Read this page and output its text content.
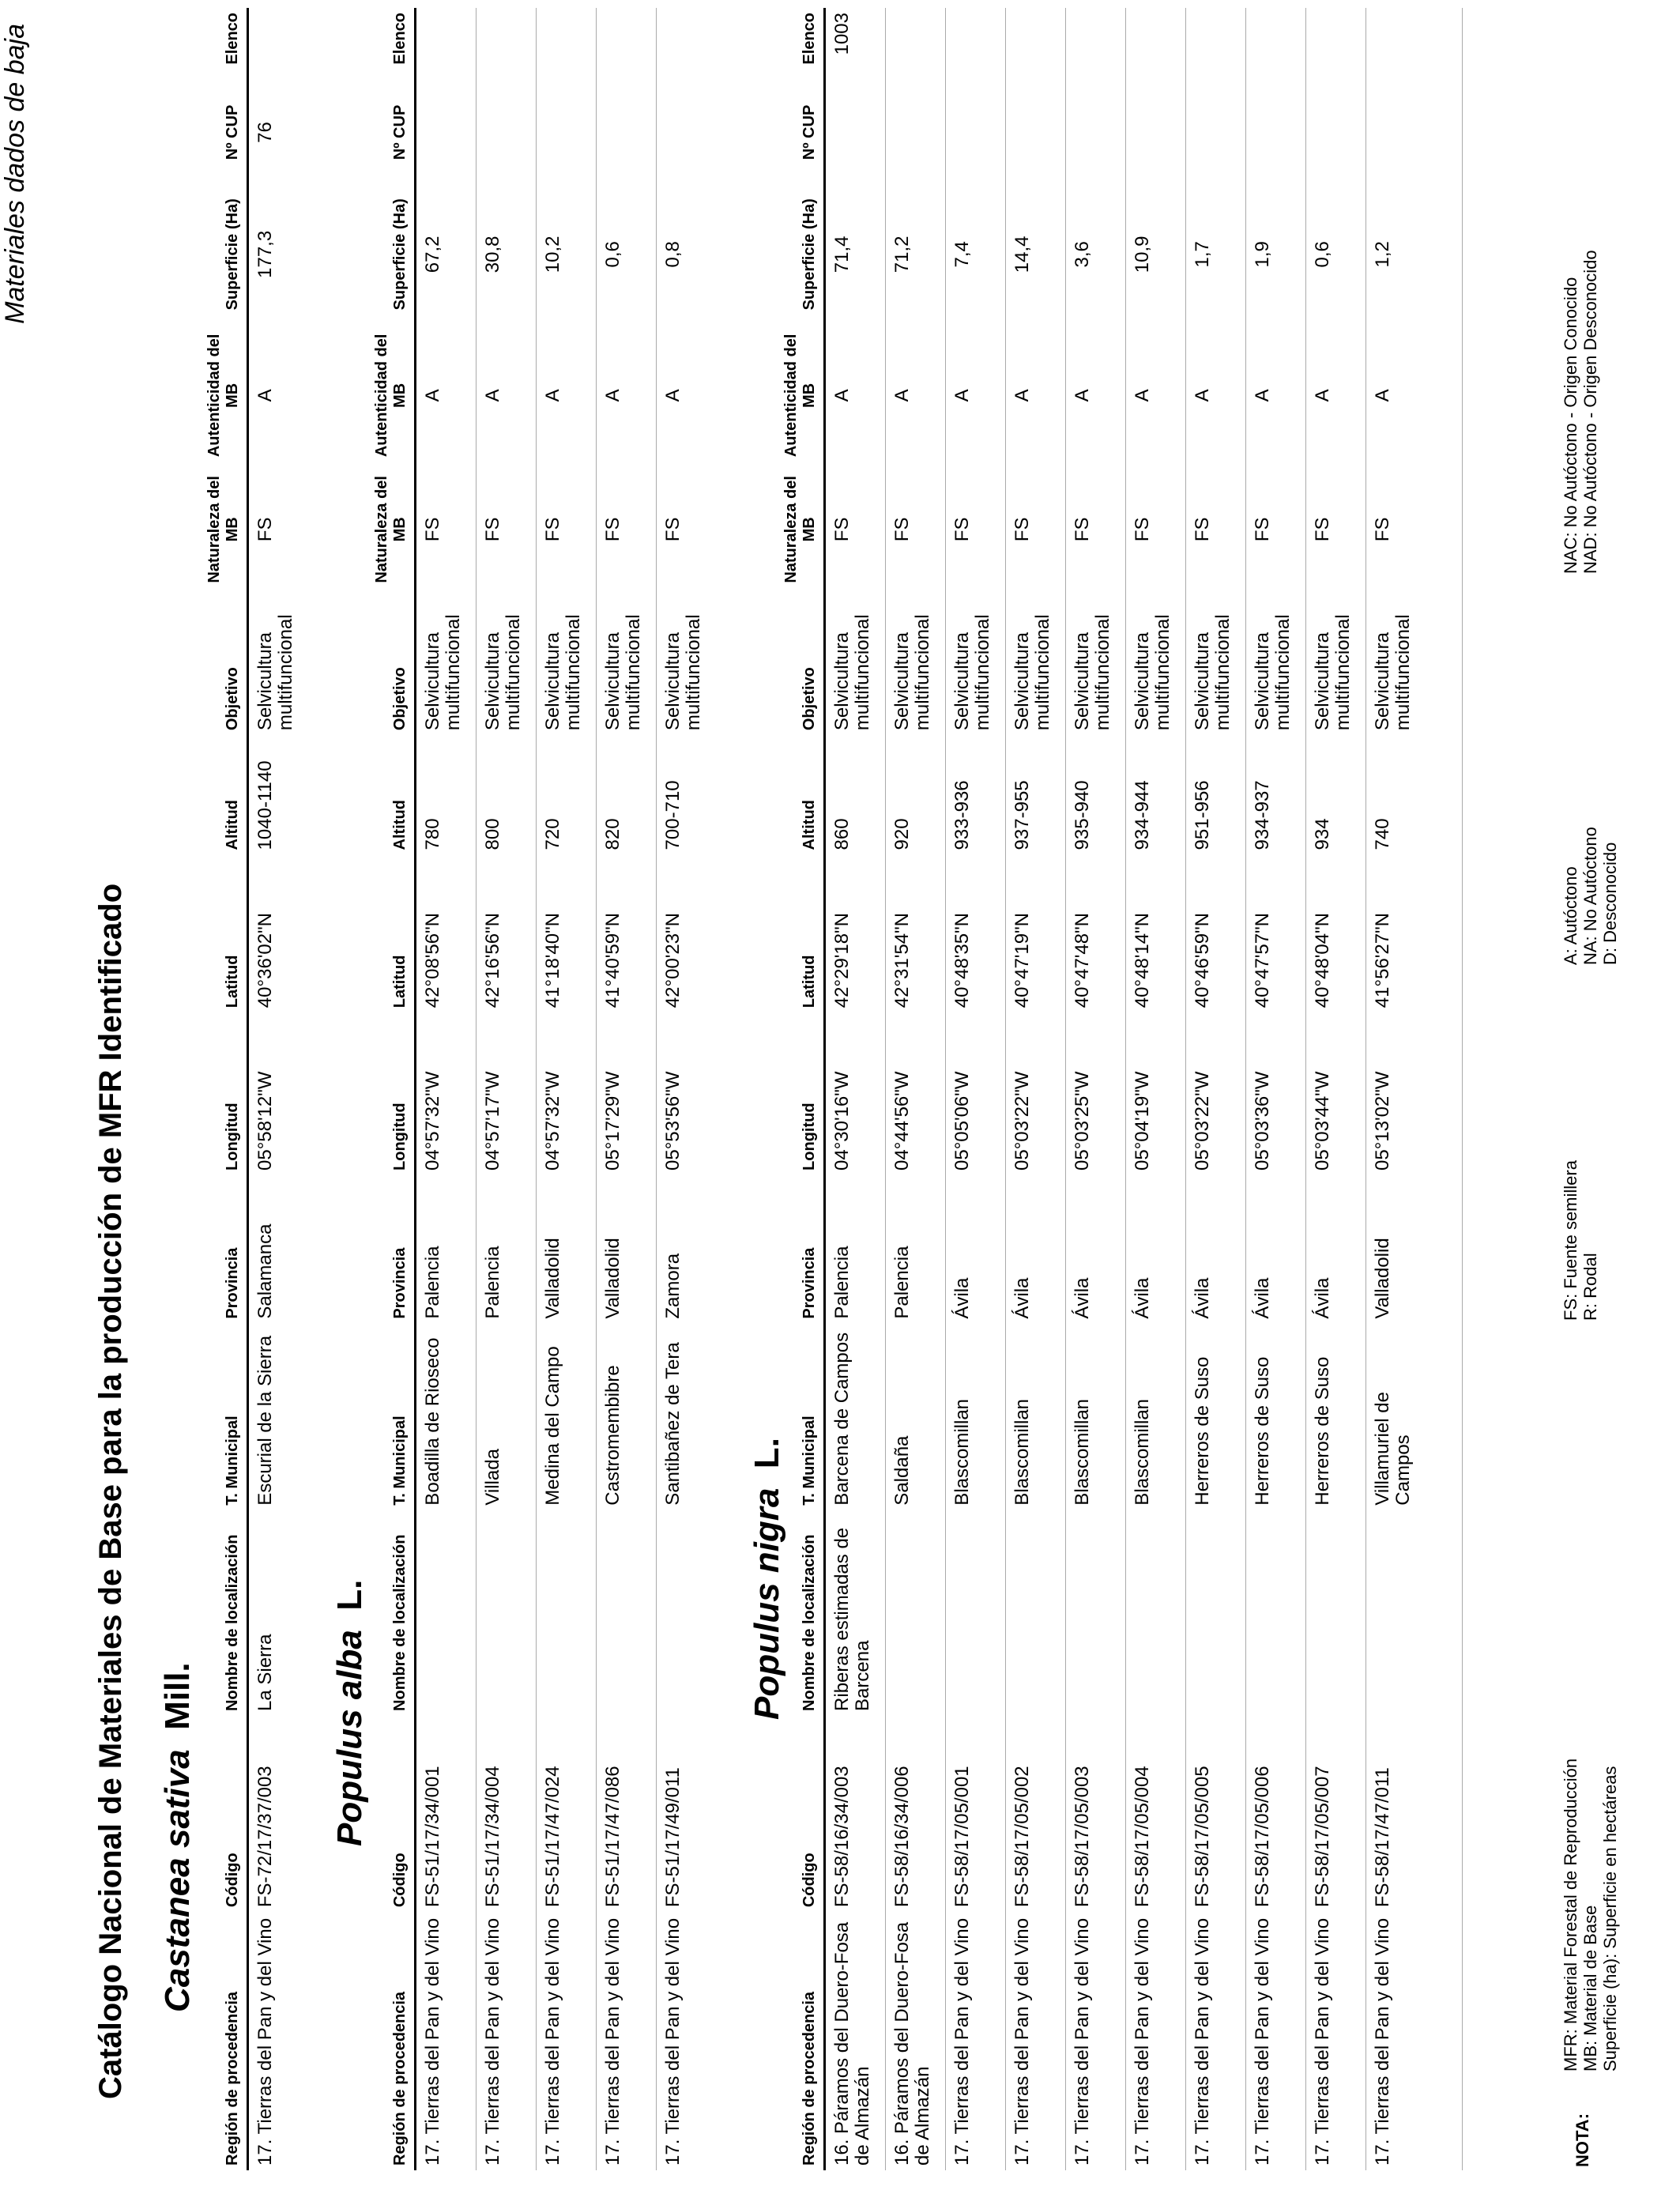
Catálogo Nacional de Materiales de Base para la producción de MFR Identificado
Materiales dados de baja
Castanea sativa  Mill.
Región de procedencia	Código	Nombre de localización	T. Municipal	Provincia	Longitud	Latitud	Altitud	Objetivo	Naturaleza del MB	Autenticidad del MB	Superficie (Ha)	Nº CUP	Elenco
17. Tierras del Pan y del Vino	FS-72/17/37/003	La Sierra	Escurial de la Sierra	Salamanca	05°58'12"W	40°36'02"N	1040-1140	Selvicultura multifuncional	FS	A	177,3	76	
Populus alba  L.
Región de procedencia	Código	Nombre de localización	T. Municipal	Provincia	Longitud	Latitud	Altitud	Objetivo	Naturaleza del MB	Autenticidad del MB	Superficie (Ha)	Nº CUP	Elenco
17. Tierras del Pan y del Vino	FS-51/17/34/001		Boadilla de Rioseco	Palencia	04°57'32"W	42°08'56"N	780	Selvicultura multifuncional	FS	A	67,2		
17. Tierras del Pan y del Vino	FS-51/17/34/004		Villada	Palencia	04°57'17"W	42°16'56"N	800	Selvicultura multifuncional	FS	A	30,8		
17. Tierras del Pan y del Vino	FS-51/17/47/024		Medina del Campo	Valladolid	04°57'32"W	41°18'40"N	720	Selvicultura multifuncional	FS	A	10,2		
17. Tierras del Pan y del Vino	FS-51/17/47/086		Castromembibre	Valladolid	05°17'29"W	41°40'59"N	820	Selvicultura multifuncional	FS	A	0,6		
17. Tierras del Pan y del Vino	FS-51/17/49/011		Santibañez de Tera	Zamora	05°53'56"W	42°00'23"N	700-710	Selvicultura multifuncional	FS	A	0,8		
Populus nigra  L.
Región de procedencia	Código	Nombre de localización	T. Municipal	Provincia	Longitud	Latitud	Altitud	Objetivo	Naturaleza del MB	Autenticidad del MB	Superficie (Ha)	Nº CUP	Elenco
16. Páramos del Duero-Fosa de Almazán	FS-58/16/34/003	Riberas estimadas de Barcena	Barcena de Campos	Palencia	04°30'16"W	42°29'18"N	860	Selvicultura multifuncional	FS	A	71,4		1003
16. Páramos del Duero-Fosa de Almazán	FS-58/16/34/006		Saldaña	Palencia	04°44'56"W	42°31'54"N	920	Selvicultura multifuncional	FS	A	71,2		
17. Tierras del Pan y del Vino	FS-58/17/05/001		Blascomillan	Ávila	05°05'06"W	40°48'35"N	933-936	Selvicultura multifuncional	FS	A	7,4		
17. Tierras del Pan y del Vino	FS-58/17/05/002		Blascomillan	Ávila	05°03'22"W	40°47'19"N	937-955	Selvicultura multifuncional	FS	A	14,4		
17. Tierras del Pan y del Vino	FS-58/17/05/003		Blascomillan	Ávila	05°03'25"W	40°47'48"N	935-940	Selvicultura multifuncional	FS	A	3,6		
17. Tierras del Pan y del Vino	FS-58/17/05/004		Blascomillan	Ávila	05°04'19"W	40°48'14"N	934-944	Selvicultura multifuncional	FS	A	10,9		
17. Tierras del Pan y del Vino	FS-58/17/05/005		Herreros de Suso	Ávila	05°03'22"W	40°46'59"N	951-956	Selvicultura multifuncional	FS	A	1,7		
17. Tierras del Pan y del Vino	FS-58/17/05/006		Herreros de Suso	Ávila	05°03'36"W	40°47'57"N	934-937	Selvicultura multifuncional	FS	A	1,9		
17. Tierras del Pan y del Vino	FS-58/17/05/007		Herreros de Suso	Ávila	05°03'44"W	40°48'04"N	934	Selvicultura multifuncional	FS	A	0,6		
17. Tierras del Pan y del Vino	FS-58/17/47/011		Villamuriel de Campos	Valladolid	05°13'02"W	41°56'27"N	740	Selvicultura multifuncional	FS	A	1,2		
NOTA:
MFR: Material Forestal de Reproducción MB: Material de Base Superficie (ha): Superficie en hectáreas
FS: Fuente semillera R: Rodal
A: Autóctono NA: No Autóctono D: Desconocido
NAC: No Autóctono - Origen Conocido NAD: No Autóctono - Origen Desconocido
